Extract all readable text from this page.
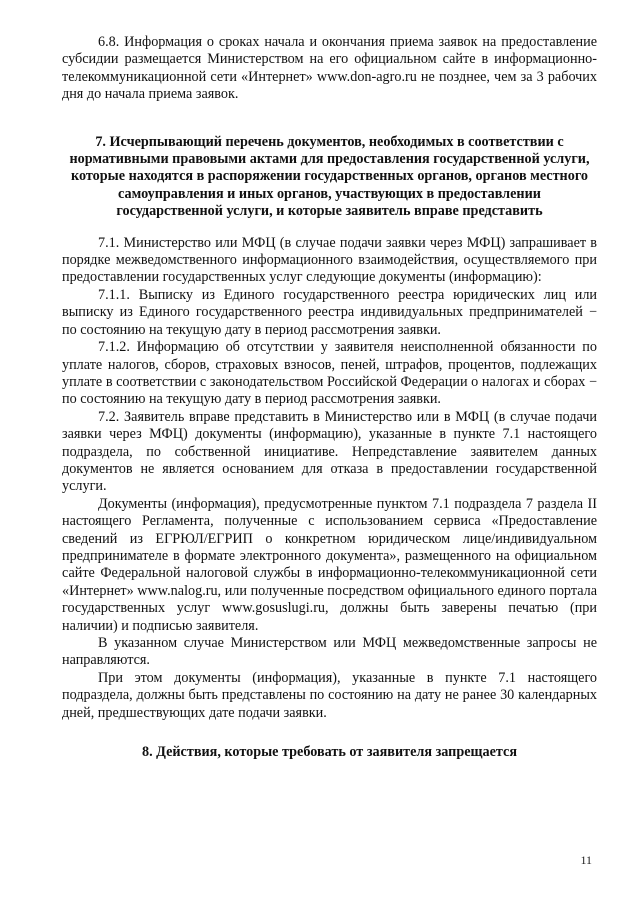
6.8. Информация о сроках начала и окончания приема заявок на предоставление субсидии размещается Министерством на его официальном сайте в информационно-телекоммуникационной сети «Интернет» www.don-agro.ru не позднее, чем за 3 рабочих дня до начала приема заявок.

7. Исчерпывающий перечень документов, необходимых в соответствии с нормативными правовыми актами для предоставления государственной услуги, которые находятся в распоряжении государственных органов, органов местного самоуправления и иных органов, участвующих в предоставлении государственной услуги, и которые заявитель вправе представить

7.1. Министерство или МФЦ (в случае подачи заявки через МФЦ) запрашивает в порядке межведомственного информационного взаимодействия, осуществляемого при предоставлении государственных услуг следующие документы (информацию):

7.1.1. Выписку из Единого государственного реестра юридических лиц или выписку из Единого государственного реестра индивидуальных предпринимателей − по состоянию на текущую дату в период рассмотрения заявки.

7.1.2. Информацию об отсутствии у заявителя неисполненной обязанности по уплате налогов, сборов, страховых взносов, пеней, штрафов, процентов, подлежащих уплате в соответствии с законодательством Российской Федерации о налогах и сборах − по состоянию на текущую дату в период рассмотрения заявки.

7.2. Заявитель вправе представить в Министерство или в МФЦ (в случае подачи заявки через МФЦ) документы (информацию), указанные в пункте 7.1 настоящего подраздела, по собственной инициативе. Непредставление заявителем данных документов не является основанием для отказа в предоставлении государственной услуги.

Документы (информация), предусмотренные пунктом 7.1 подраздела 7 раздела II настоящего Регламента, полученные с использованием сервиса «Предоставление сведений из ЕГРЮЛ/ЕГРИП о конкретном юридическом лице/индивидуальном предпринимателе в формате электронного документа», размещенного на официальном сайте Федеральной налоговой службы в информационно-телекоммуникационной сети «Интернет» www.nalog.ru, или полученные посредством официального единого портала государственных услуг www.gosuslugi.ru, должны быть заверены печатью (при наличии) и подписью заявителя.

В указанном случае Министерством или МФЦ межведомственные запросы не направляются.

При этом документы (информация), указанные в пункте 7.1 настоящего подраздела, должны быть представлены по состоянию на дату не ранее 30 календарных дней, предшествующих дате подачи заявки.

8. Действия, которые требовать от заявителя запрещается
11
